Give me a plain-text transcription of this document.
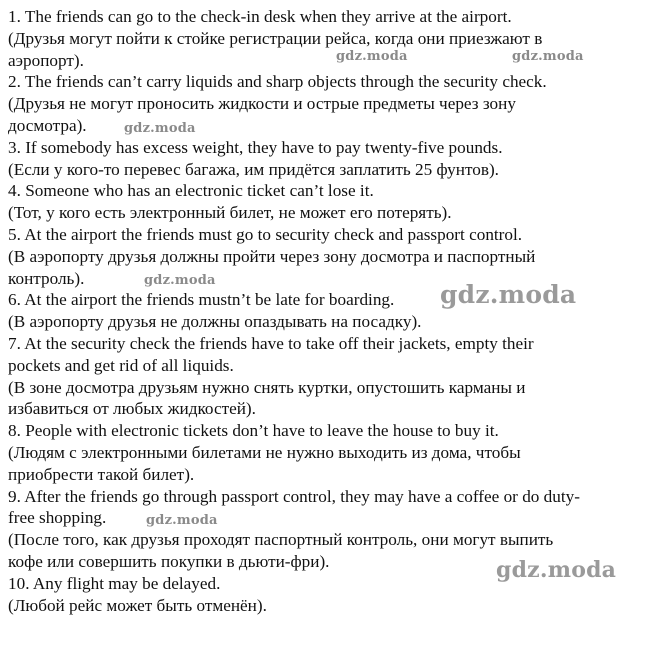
1. The friends can go to the check-in desk when they arrive at the airport.
(Друзья могут пойти к стойке регистрации рейса, когда они приезжают в
аэропорт).
2. The friends can’t carry liquids and sharp objects through the security check.
(Друзья не могут проносить жидкости и острые предметы через зону
досмотра).
3. If somebody has excess weight, they have to pay twenty-five pounds.
(Если у кого-то перевес багажа, им придётся заплатить 25 фунтов).
4. Someone who has an electronic ticket can’t lose it.
(Тот, у кого есть электронный билет, не может его потерять).
5. At the airport the friends must go to security check and passport control.
(В аэропорту друзья должны пройти через зону досмотра и паспортный
контроль).
6. At the airport the friends mustn’t be late for boarding.
(В аэропорту друзья не должны опаздывать на посадку).
7. At the security check the friends have to take off their jackets, empty their
pockets and get rid of all liquids.
(В зоне досмотра друзьям нужно снять куртки, опустошить карманы и
избавиться от любых жидкостей).
8. People with electronic tickets don’t have to leave the house to buy it.
(Людям с электронными билетами не нужно выходить из дома, чтобы
приобрести такой билет).
9. After the friends go through passport control, they may have a coffee or do duty-
free shopping.
(После того, как друзья проходят паспортный контроль, они могут выпить
кофе или совершить покупки в дьюти-фри).
10. Any flight may be delayed.
(Любой рейс может быть отменён).
gdz.moda	gdz.moda
gdz.moda
gdz.moda	gdz.moda
gdz.moda
gdz.moda
